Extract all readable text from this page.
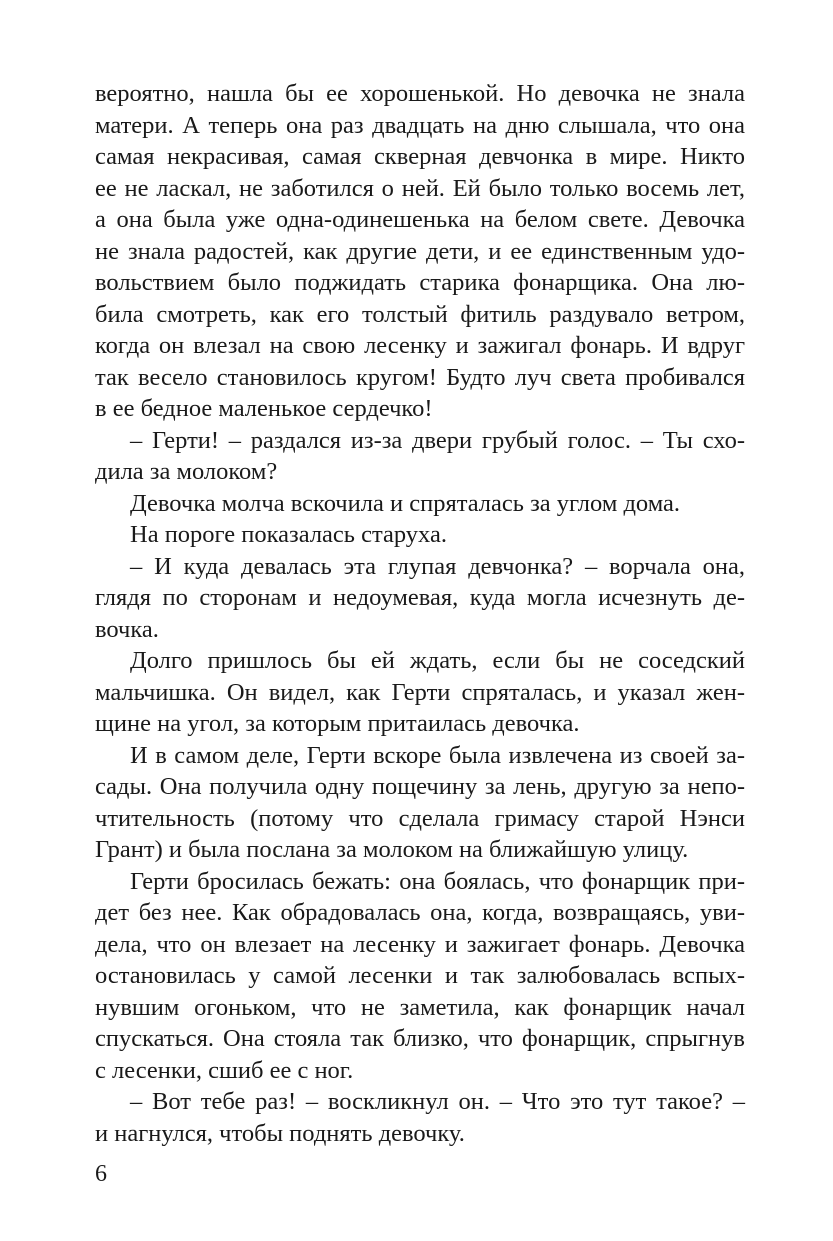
вероятно, нашла бы ее хорошенькой. Но девочка не знала
матери. А теперь она раз двадцать на дню слышала, что она
самая некрасивая, самая скверная девчонка в мире. Никто
ее не ласкал, не заботился о ней. Ей было только восемь лет,
а она была уже одна-одинешенька на белом свете. Девочка
не знала радостей, как другие дети, и ее единственным удо-
вольствием было поджидать старика фонарщика. Она лю-
била смотреть, как его толстый фитиль раздувало ветром,
когда он влезал на свою лесенку и зажигал фонарь. И вдруг
так весело становилось кругом! Будто луч света пробивался
в ее бедное маленькое сердечко!
– Герти! – раздался из-за двери грубый голос. – Ты схо-
дила за молоком?
Девочка молча вскочила и спряталась за углом дома.
На пороге показалась старуха.
– И куда девалась эта глупая девчонка? – ворчала она,
глядя по сторонам и недоумевая, куда могла исчезнуть де-
вочка.
Долго пришлось бы ей ждать, если бы не соседский
мальчишка. Он видел, как Герти спряталась, и указал жен-
щине на угол, за которым притаилась девочка.
И в самом деле, Герти вскоре была извлечена из своей за-
сады. Она получила одну пощечину за лень, другую за непо-
чтительность (потому что сделала гримасу старой Нэнси
Грант) и была послана за молоком на ближайшую улицу.
Герти бросилась бежать: она боялась, что фонарщик при-
дет без нее. Как обрадовалась она, когда, возвращаясь, уви-
дела, что он влезает на лесенку и зажигает фонарь. Девочка
остановилась у самой лесенки и так залюбовалась вспых-
нувшим огоньком, что не заметила, как фонарщик начал
спускаться. Она стояла так близко, что фонарщик, спрыгнув
с лесенки, сшиб ее с ног.
– Вот тебе раз! – воскликнул он. – Что это тут такое? –
и нагнулся, чтобы поднять девочку.
6
